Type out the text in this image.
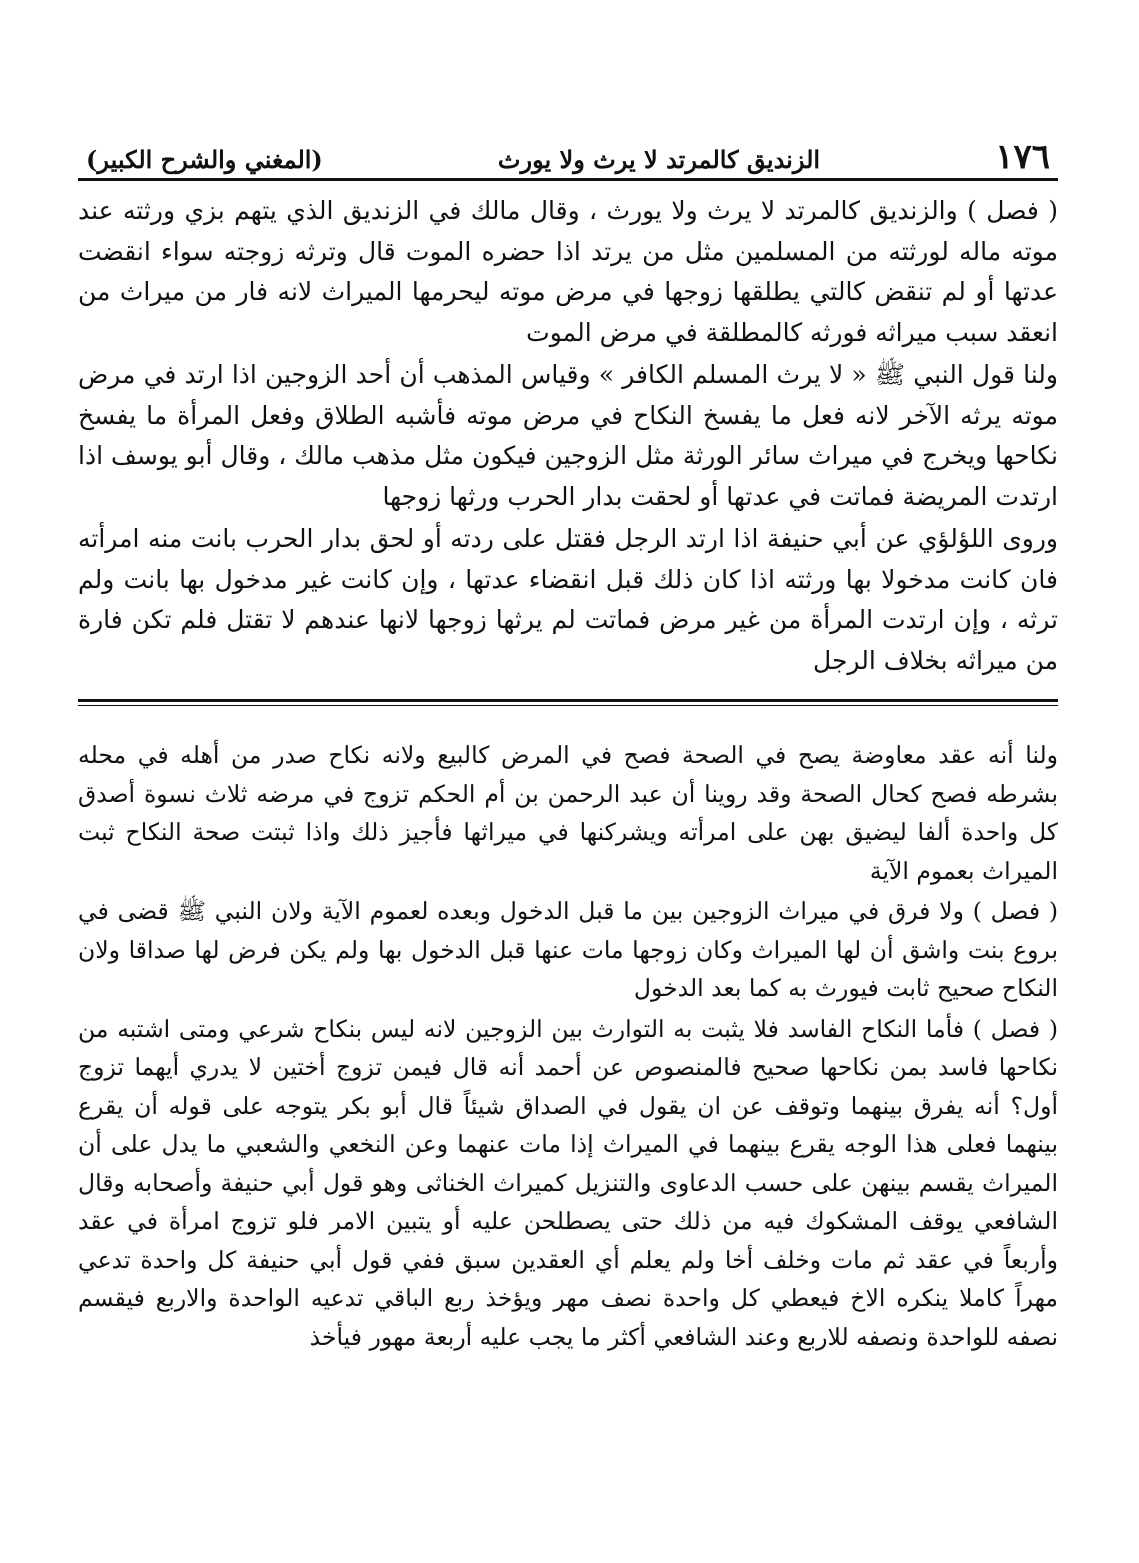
١٧٦
الزنديق كالمرتد لا يرث ولا يورث
(المغني والشرح الكبير)

( فصل ) والزنديق كالمرتد لا يرث ولا يورث ، وقال مالك في الزنديق الذي يتهم بزي ورثته عند موته ماله لورثته من المسلمين مثل من يرتد اذا حضره الموت قال وترثه زوجته سواء انقضت عدتها أو لم تنقض كالتي يطلقها زوجها في مرض موته ليحرمها الميراث لانه فار من ميراث من انعقد سبب ميراثه فورثه كالمطلقة في مرض الموت

ولنا قول النبي ﷺ « لا يرث المسلم الكافر » وقياس المذهب أن أحد الزوجين اذا ارتد في مرض موته يرثه الآخر لانه فعل ما يفسخ النكاح في مرض موته فأشبه الطلاق وفعل المرأة ما يفسخ نكاحها ويخرج في ميراث سائر الورثة مثل الزوجين فيكون مثل مذهب مالك ، وقال أبو يوسف اذا ارتدت المريضة فماتت في عدتها أو لحقت بدار الحرب ورثها زوجها

وروى اللؤلؤي عن أبي حنيفة اذا ارتد الرجل فقتل على ردته أو لحق بدار الحرب بانت منه امرأته فان كانت مدخولا بها ورثته اذا كان ذلك قبل انقضاء عدتها ، وإن كانت غير مدخول بها بانت ولم ترثه ، وإن ارتدت المرأة من غير مرض فماتت لم يرثها زوجها لانها عندهم لا تقتل فلم تكن فارة من ميراثه بخلاف الرجل

ولنا أنه عقد معاوضة يصح في الصحة فصح في المرض كالبيع ولانه نكاح صدر من أهله في محله بشرطه فصح كحال الصحة وقد روينا أن عبد الرحمن بن أم الحكم تزوج في مرضه ثلاث نسوة أصدق كل واحدة ألفا ليضيق بهن على امرأته ويشركنها في ميراثها فأجيز ذلك واذا ثبتت صحة النكاح ثبت الميراث بعموم الآية

( فصل ) ولا فرق في ميراث الزوجين بين ما قبل الدخول وبعده لعموم الآية ولان النبي ﷺ قضى في بروع بنت واشق أن لها الميراث وكان زوجها مات عنها قبل الدخول بها ولم يكن فرض لها صداقا ولان النكاح صحيح ثابت فيورث به كما بعد الدخول

( فصل ) فأما النكاح الفاسد فلا يثبت به التوارث بين الزوجين لانه ليس بنكاح شرعي ومتى اشتبه من نكاحها فاسد بمن نكاحها صحيح فالمنصوص عن أحمد أنه قال فيمن تزوج أختين لا يدري أيهما تزوج أول؟ أنه يفرق بينهما وتوقف عن ان يقول في الصداق شيئاً قال أبو بكر يتوجه على قوله أن يقرع بينهما فعلى هذا الوجه يقرع بينهما في الميراث إذا مات عنهما وعن النخعي والشعبي ما يدل على أن الميراث يقسم بينهن على حسب الدعاوى والتنزيل كميراث الخناثى وهو قول أبي حنيفة وأصحابه وقال الشافعي يوقف المشكوك فيه من ذلك حتى يصطلحن عليه أو يتبين الامر فلو تزوج امرأة في عقد وأربعاً في عقد ثم مات وخلف أخا ولم يعلم أي العقدين سبق ففي قول أبي حنيفة كل واحدة تدعي مهراً كاملا ينكره الاخ فيعطي كل واحدة نصف مهر ويؤخذ ربع الباقي تدعيه الواحدة والاربع فيقسم نصفه للواحدة ونصفه للاربع وعند الشافعي أكثر ما يجب عليه أربعة مهور فيأخذ
